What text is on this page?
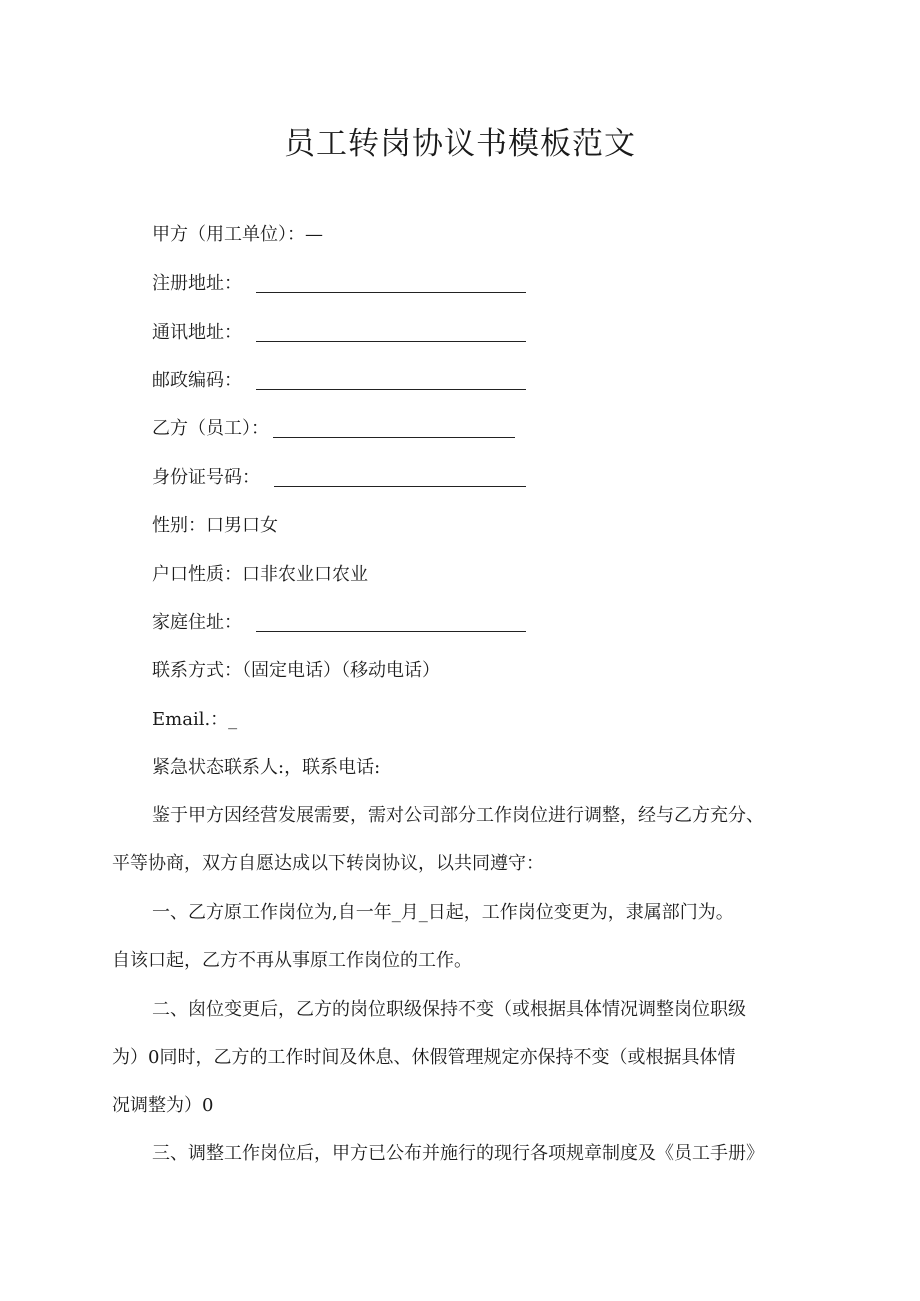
员工转岗协议书模板范文
甲方（用工单位）：—
注册地址：
通讯地址：
邮政编码：
乙方（员工）：
身份证号码：
性别：口男口女
户口性质：口非农业口农业
家庭住址：
联系方式：（固定电话）（移动电话）
Email.：_
紧急状态联系人:，联系电话:
鉴于甲方因经营发展需要，需对公司部分工作岗位进行调整，经与乙方充分、
平等协商，双方自愿达成以下转岗协议，以共同遵守：
一、乙方原工作岗位为,自一年_月_日起，工作岗位变更为，隶属部门为。
自该口起，乙方不再从事原工作岗位的工作。
二、囱位变更后，乙方的岗位职级保持不变（或根据具体情况调整岗位职级
为）0同时，乙方的工作时间及休息、休假管理规定亦保持不变（或根据具体情
况调整为）0
三、调整工作岗位后，甲方已公布并施行的现行各项规章制度及《员工手册》
